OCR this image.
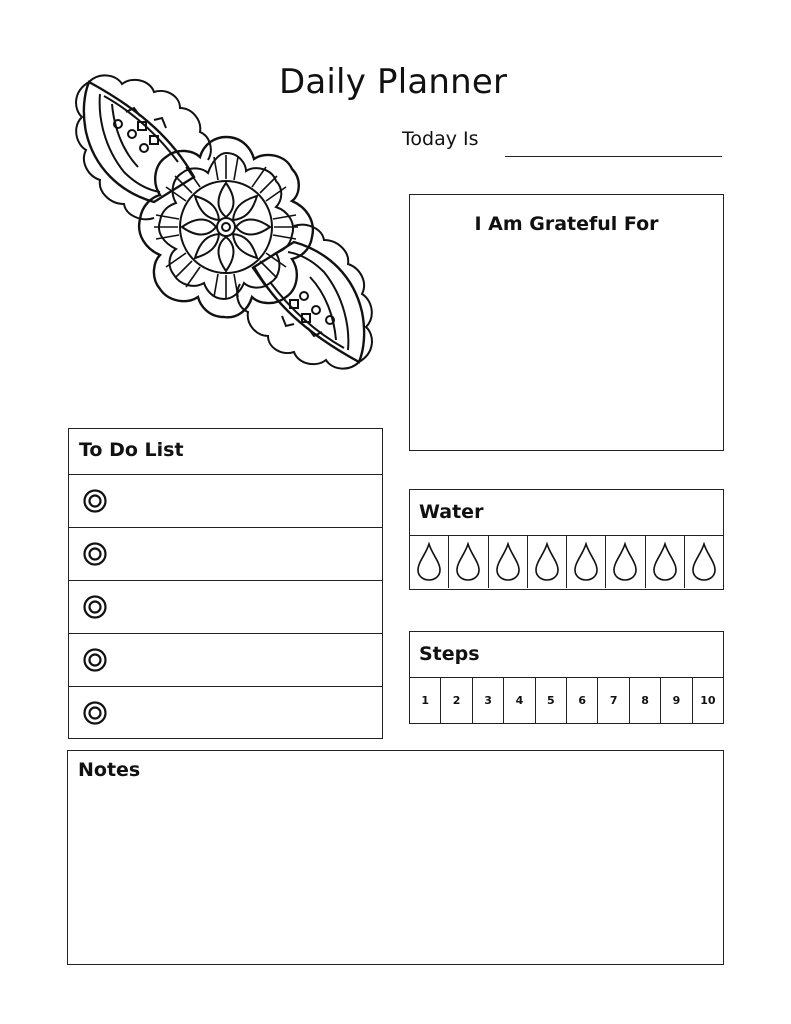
Daily Planner
Today Is
I Am Grateful For
To Do List
Water
Steps
1	2	3	4	5	6	7	8	9	10
Notes
